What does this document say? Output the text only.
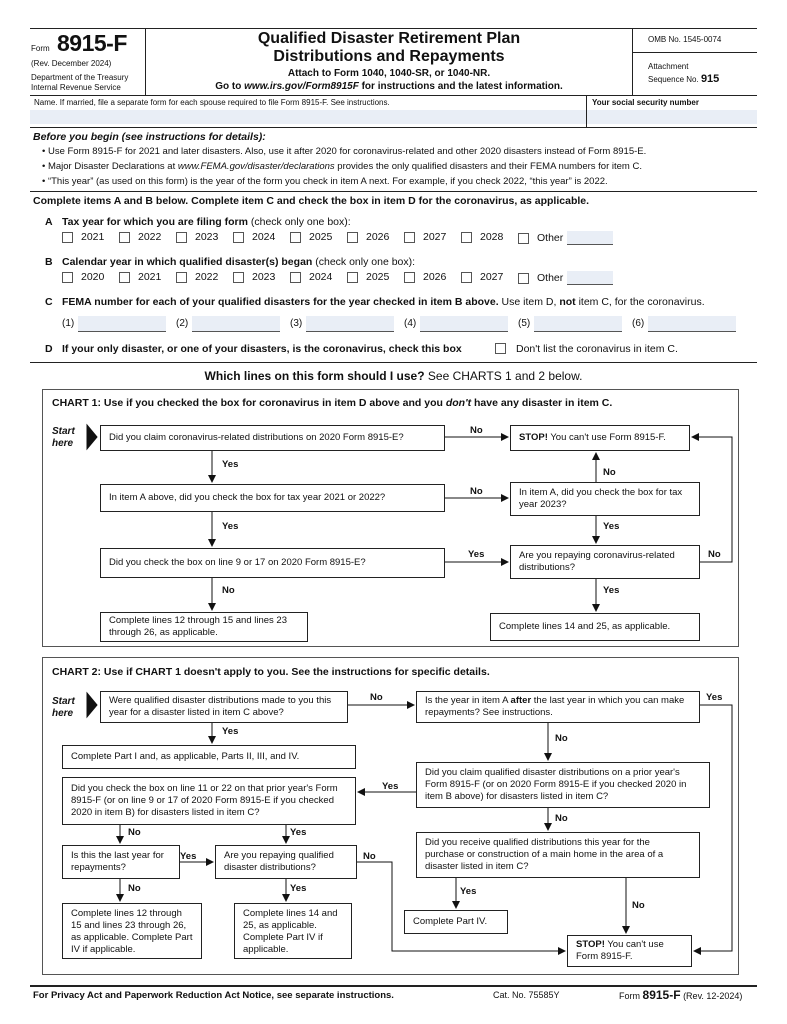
Form 8915-F
(Rev. December 2024)
Department of the Treasury
Internal Revenue Service
Qualified Disaster Retirement Plan
Distributions and Repayments
Attach to Form 1040, 1040-SR, or 1040-NR.
Go to www.irs.gov/Form8915F for instructions and the latest information.
OMB No. 1545-0074
Attachment
Sequence No. 915
Name. If married, file a separate form for each spouse required to file Form 8915-F. See instructions.	Your social security number
Before you begin (see instructions for details):
• Use Form 8915-F for 2021 and later disasters. Also, use it after 2020 for coronavirus-related and other 2020 disasters instead of Form 8915-E.
• Major Disaster Declarations at www.FEMA.gov/disaster/declarations provides the only qualified disasters and their FEMA numbers for item C.
• “This year” (as used on this form) is the year of the form you check in item A next. For example, if you check 2022, “this year” is 2022.
Complete items A and B below. Complete item C and check the box in item D for the coronavirus, as applicable.
A Tax year for which you are filing form (check only one box):
2021	2022	2023	2024	2025	2026	2027	2028	Other
B Calendar year in which qualified disaster(s) began (check only one box):
2020	2021	2022	2023	2024	2025	2026	2027	Other
C FEMA number for each of your qualified disasters for the year checked in item B above. Use item D, not item C, for the coronavirus.
(1)	(2)	(3)	(4)	(5)	(6)
D If your only disaster, or one of your disasters, is the coronavirus, check this box	Don't list the coronavirus in item C.
Which lines on this form should I use? See CHARTS 1 and 2 below.
CHART 1: Use if you checked the box for coronavirus in item D above and you don't have any disaster in item C.
Start
here
Did you claim coronavirus-related distributions on 2020 Form 8915-E?
In item A above, did you check the box for tax year 2021 or 2022?
Did you check the box on line 9 or 17 on 2020 Form 8915-E?
Complete lines 12 through 15 and lines 23 through 26, as applicable.
STOP! You can't use Form 8915-F.
In item A, did you check the box for tax year 2023?
Are you repaying coronavirus-related distributions?
Complete lines 14 and 25, as applicable.
No
Yes
No
Yes
Yes
No
No
Yes
No
Yes
CHART 2: Use if CHART 1 doesn't apply to you. See the instructions for specific details.
Start
here
Were qualified disaster distributions made to you this year for a disaster listed in item C above?
Complete Part I and, as applicable, Parts II, III, and IV.
Did you check the box on line 11 or 22 on that prior year's Form 8915-F (or on line 9 or 17 of 2020 Form 8915-E if you checked 2020 in item B) for disasters listed in item C?
Is this the last year for repayments?
Are you repaying qualified disaster distributions?
Complete lines 12 through 15 and lines 23 through 26, as applicable. Complete Part IV if applicable.
Complete lines 14 and 25, as applicable. Complete Part IV if applicable.
Is the year in item A after the last year in which you can make repayments? See instructions.
Did you claim qualified disaster distributions on a prior year's Form 8915-F (or on 2020 Form 8915-E if you checked 2020 in item B above) for disasters listed in item C?
Did you receive qualified distributions this year for the purchase or construction of a main home in the area of a disaster listed in item C?
Complete Part IV.
STOP! You can't use Form 8915-F.
No
Yes
Yes
No
Yes
No
No	Yes
Yes	No
No	Yes	Yes
No
For Privacy Act and Paperwork Reduction Act Notice, see separate instructions.	Cat. No. 75585Y	Form 8915-F (Rev. 12-2024)
